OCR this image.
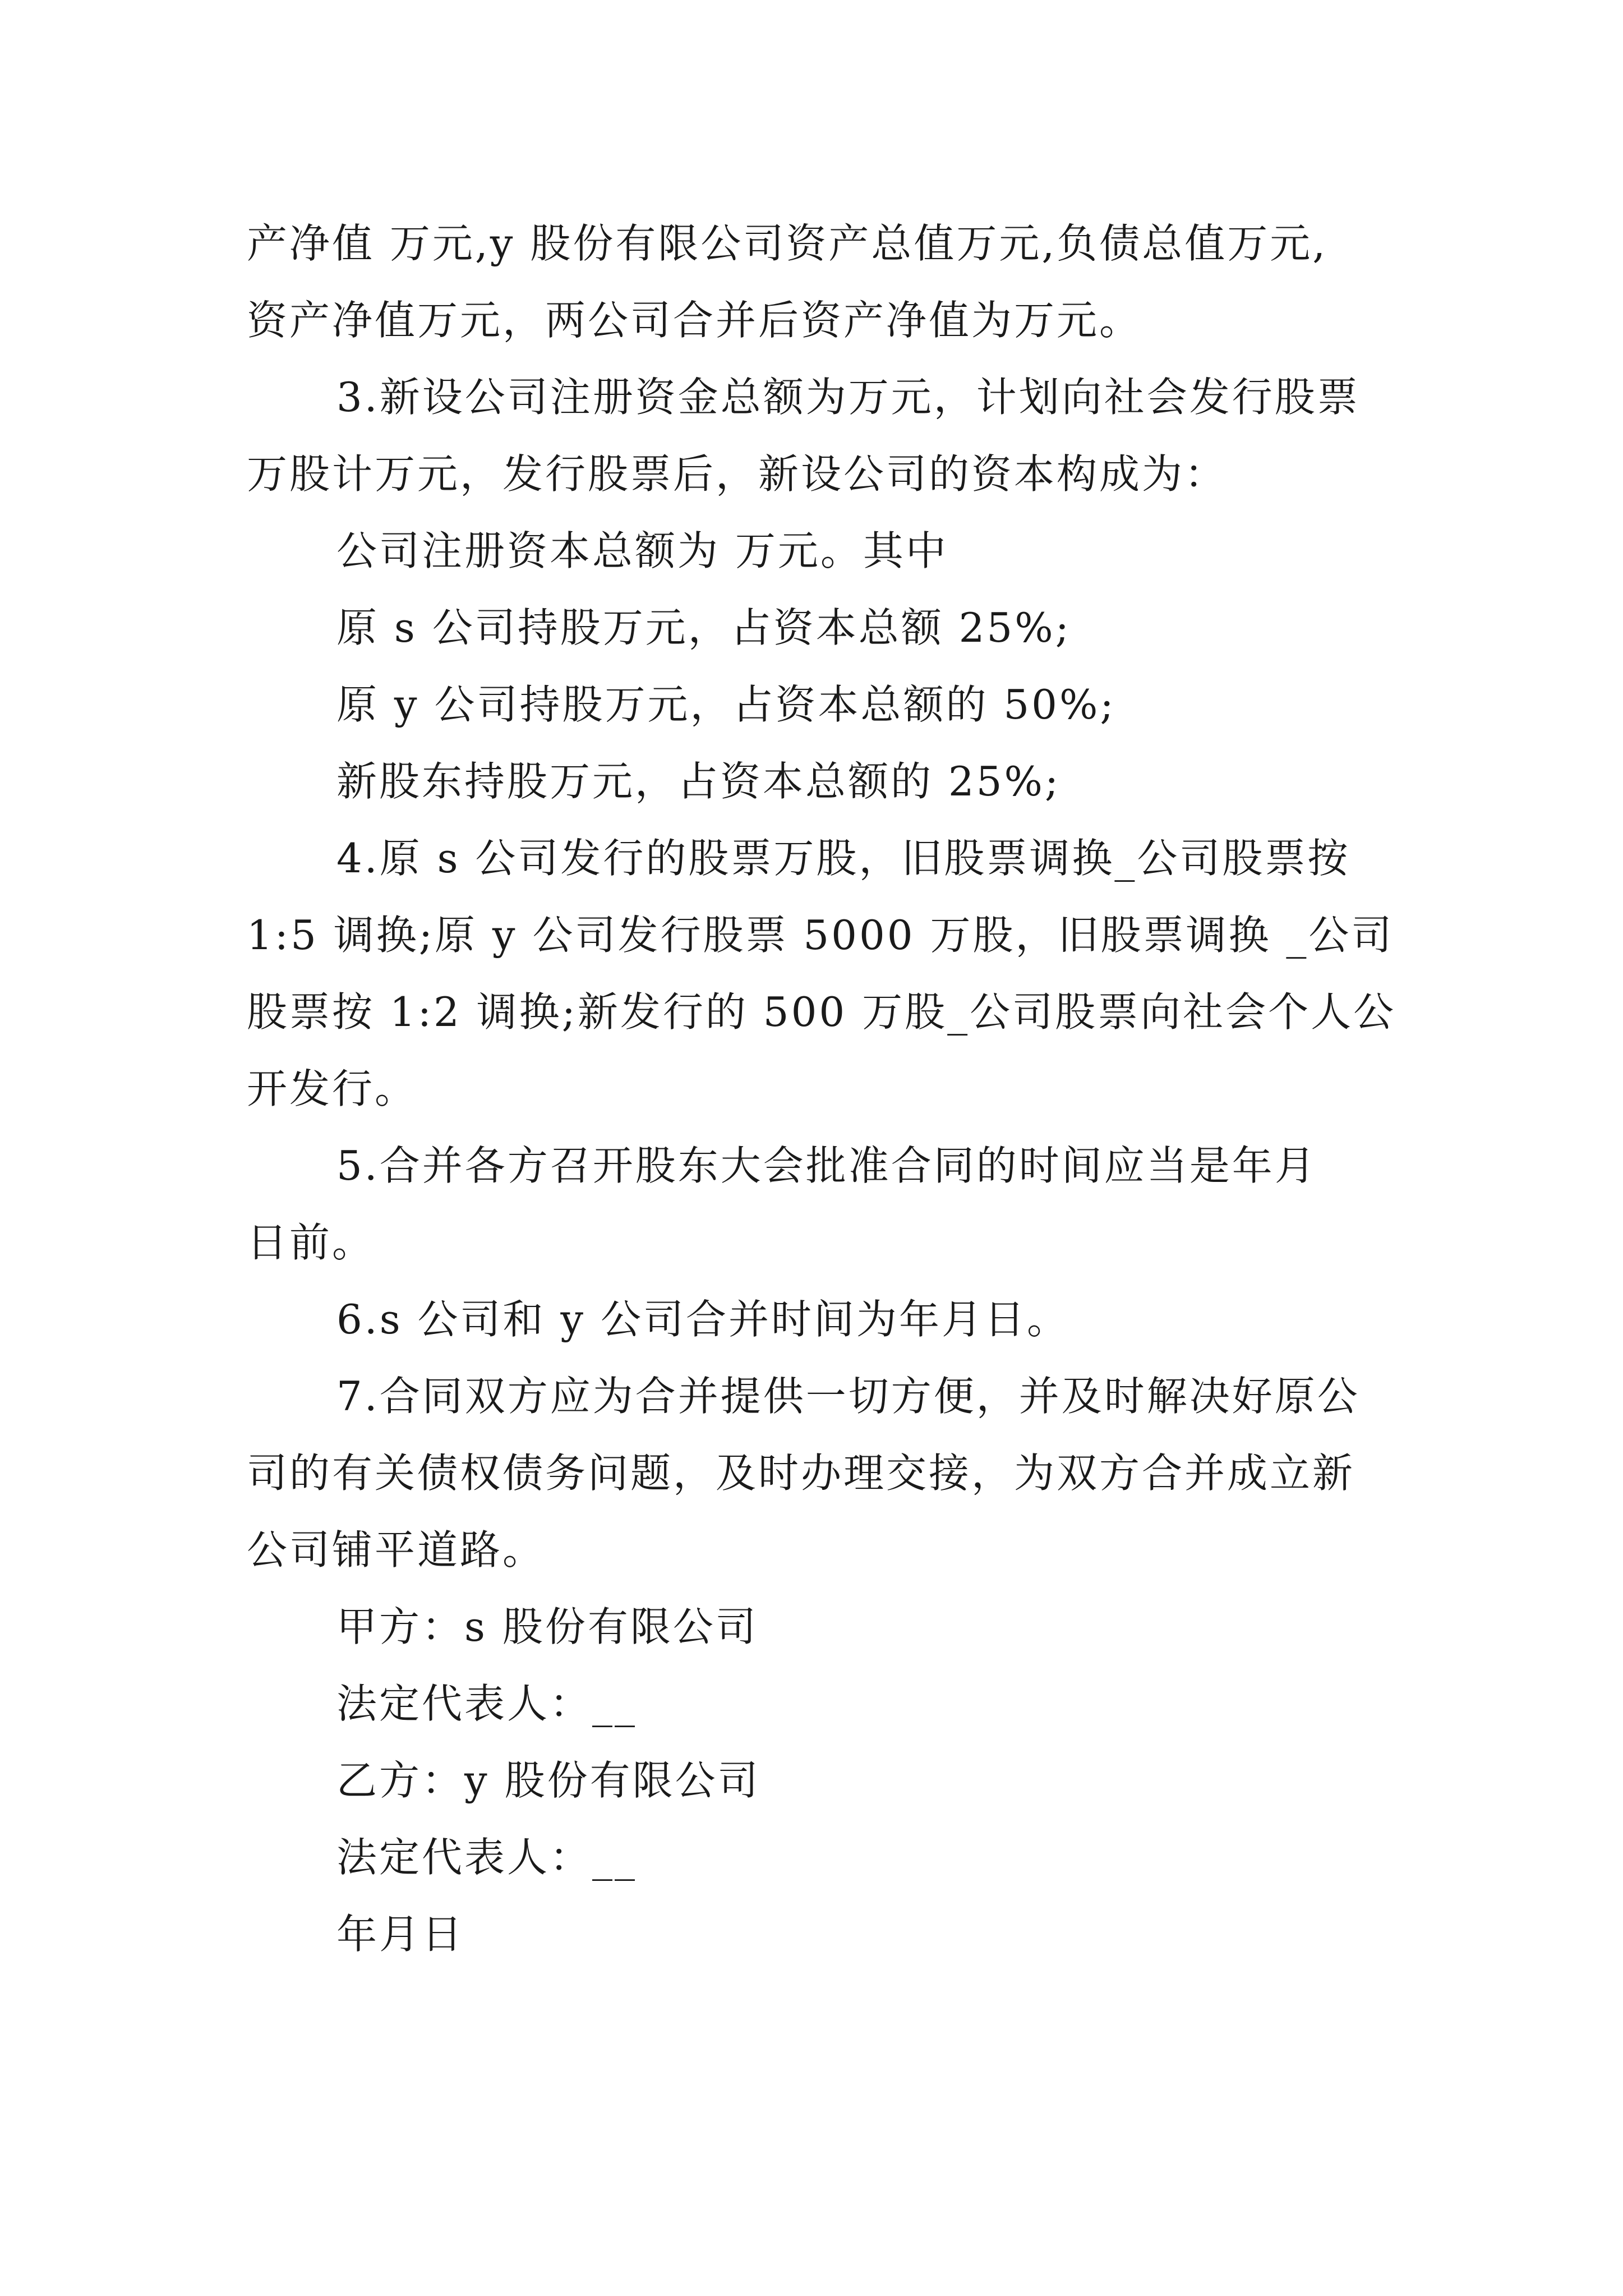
产净值 万元,y 股份有限公司资产总值万元,负债总值万元,
资产净值万元，两公司合并后资产净值为万元。
3.新设公司注册资金总额为万元，计划向社会发行股票
万股计万元，发行股票后，新设公司的资本构成为：
公司注册资本总额为 万元。其中
原 s 公司持股万元，占资本总额 25%;
原 y 公司持股万元，占资本总额的 50%;
新股东持股万元，占资本总额的 25%;
4.原 s 公司发行的股票万股，旧股票调换_公司股票按
1:5 调换;原 y 公司发行股票 5000 万股，旧股票调换 _公司
股票按 1:2 调换;新发行的 500 万股_公司股票向社会个人公
开发行。
5.合并各方召开股东大会批准合同的时间应当是年月
日前。
6.s 公司和 y 公司合并时间为年月日。
7.合同双方应为合并提供一切方便，并及时解决好原公
司的有关债权债务问题，及时办理交接，为双方合并成立新
公司铺平道路。
甲方：s 股份有限公司
法定代表人：__
乙方：y 股份有限公司
法定代表人：__
年月日
